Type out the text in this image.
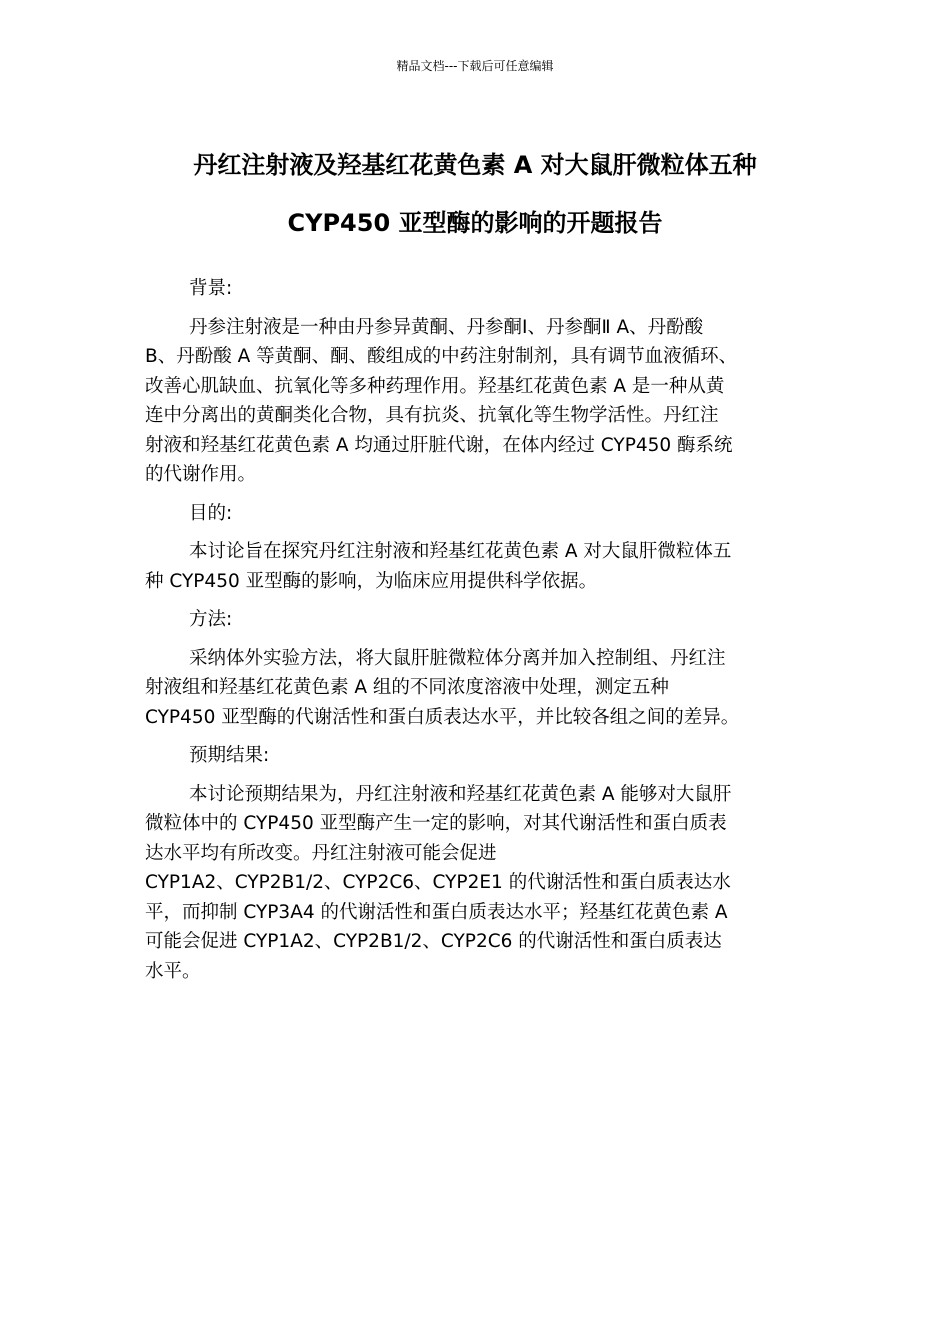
精品文档---下载后可任意编辑
丹红注射液及羟基红花黄色素 A 对大鼠肝微粒体五种
CYP450 亚型酶的影响的开题报告

背景:

丹参注射液是一种由丹参异黄酮、丹参酮Ⅰ、丹参酮Ⅱ A、丹酚酸
B、丹酚酸 A 等黄酮、酮、酸组成的中药注射制剂，具有调节血液循环、
改善心肌缺血、抗氧化等多种药理作用。羟基红花黄色素 A 是一种从黄
连中分离出的黄酮类化合物，具有抗炎、抗氧化等生物学活性。丹红注
射液和羟基红花黄色素 A 均通过肝脏代谢，在体内经过 CYP450 酶系统
的代谢作用。

目的:

本讨论旨在探究丹红注射液和羟基红花黄色素 A 对大鼠肝微粒体五
种 CYP450 亚型酶的影响，为临床应用提供科学依据。

方法:

采纳体外实验方法，将大鼠肝脏微粒体分离并加入控制组、丹红注
射液组和羟基红花黄色素 A 组的不同浓度溶液中处理，测定五种
CYP450 亚型酶的代谢活性和蛋白质表达水平，并比较各组之间的差异。

预期结果:

本讨论预期结果为，丹红注射液和羟基红花黄色素 A 能够对大鼠肝
微粒体中的 CYP450 亚型酶产生一定的影响，对其代谢活性和蛋白质表
达水平均有所改变。丹红注射液可能会促进
CYP1A2、CYP2B1/2、CYP2C6、CYP2E1 的代谢活性和蛋白质表达水
平，而抑制 CYP3A4 的代谢活性和蛋白质表达水平；羟基红花黄色素 A
可能会促进 CYP1A2、CYP2B1/2、CYP2C6 的代谢活性和蛋白质表达
水平。
